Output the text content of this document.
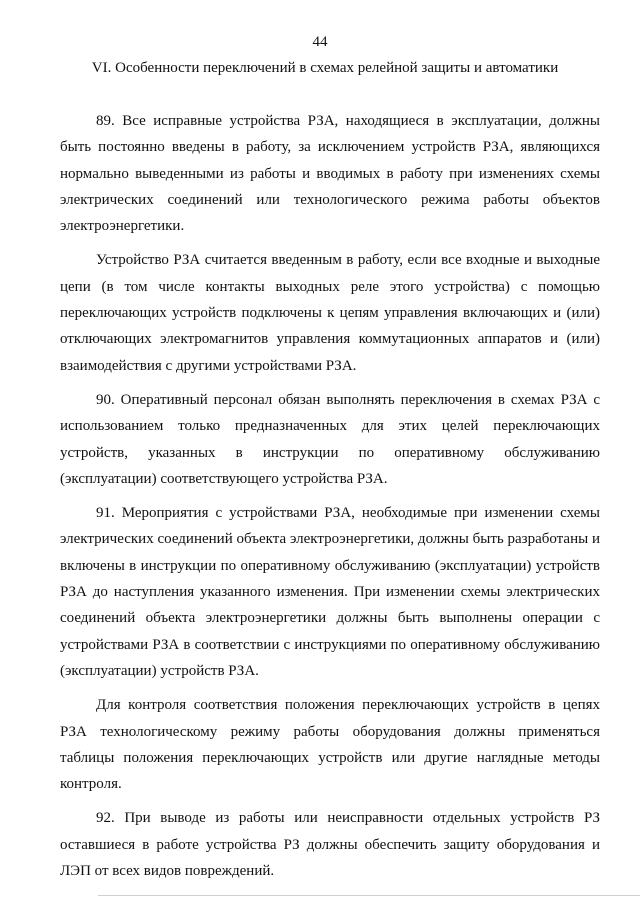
44
VI. Особенности переключений в схемах релейной защиты и автоматики

89. Все исправные устройства РЗА, находящиеся в эксплуатации, должны быть постоянно введены в работу, за исключением устройств РЗА, являющихся нормально выведенными из работы и вводимых в работу при изменениях схемы электрических соединений или технологического режима работы объектов электроэнергетики.

Устройство РЗА считается введенным в работу, если все входные и выходные цепи (в том числе контакты выходных реле этого устройства) с помощью переключающих устройств подключены к цепям управления включающих и (или) отключающих электромагнитов управления коммутационных аппаратов и (или) взаимодействия с другими устройствами РЗА.

90. Оперативный персонал обязан выполнять переключения в схемах РЗА с использованием только предназначенных для этих целей переключающих устройств, указанных в инструкции по оперативному обслуживанию (эксплуатации) соответствующего устройства РЗА.

91. Мероприятия с устройствами РЗА, необходимые при изменении схемы электрических соединений объекта электроэнергетики, должны быть разработаны и включены в инструкции по оперативному обслуживанию (эксплуатации) устройств РЗА до наступления указанного изменения. При изменении схемы электрических соединений объекта электроэнергетики должны быть выполнены операции с устройствами РЗА в соответствии с инструкциями по оперативному обслуживанию (эксплуатации) устройств РЗА.

Для контроля соответствия положения переключающих устройств в цепях РЗА технологическому режиму работы оборудования должны применяться таблицы положения переключающих устройств или другие наглядные методы контроля.

92. При выводе из работы или неисправности отдельных устройств РЗ оставшиеся в работе устройства РЗ должны обеспечить защиту оборудования и ЛЭП от всех видов повреждений.
